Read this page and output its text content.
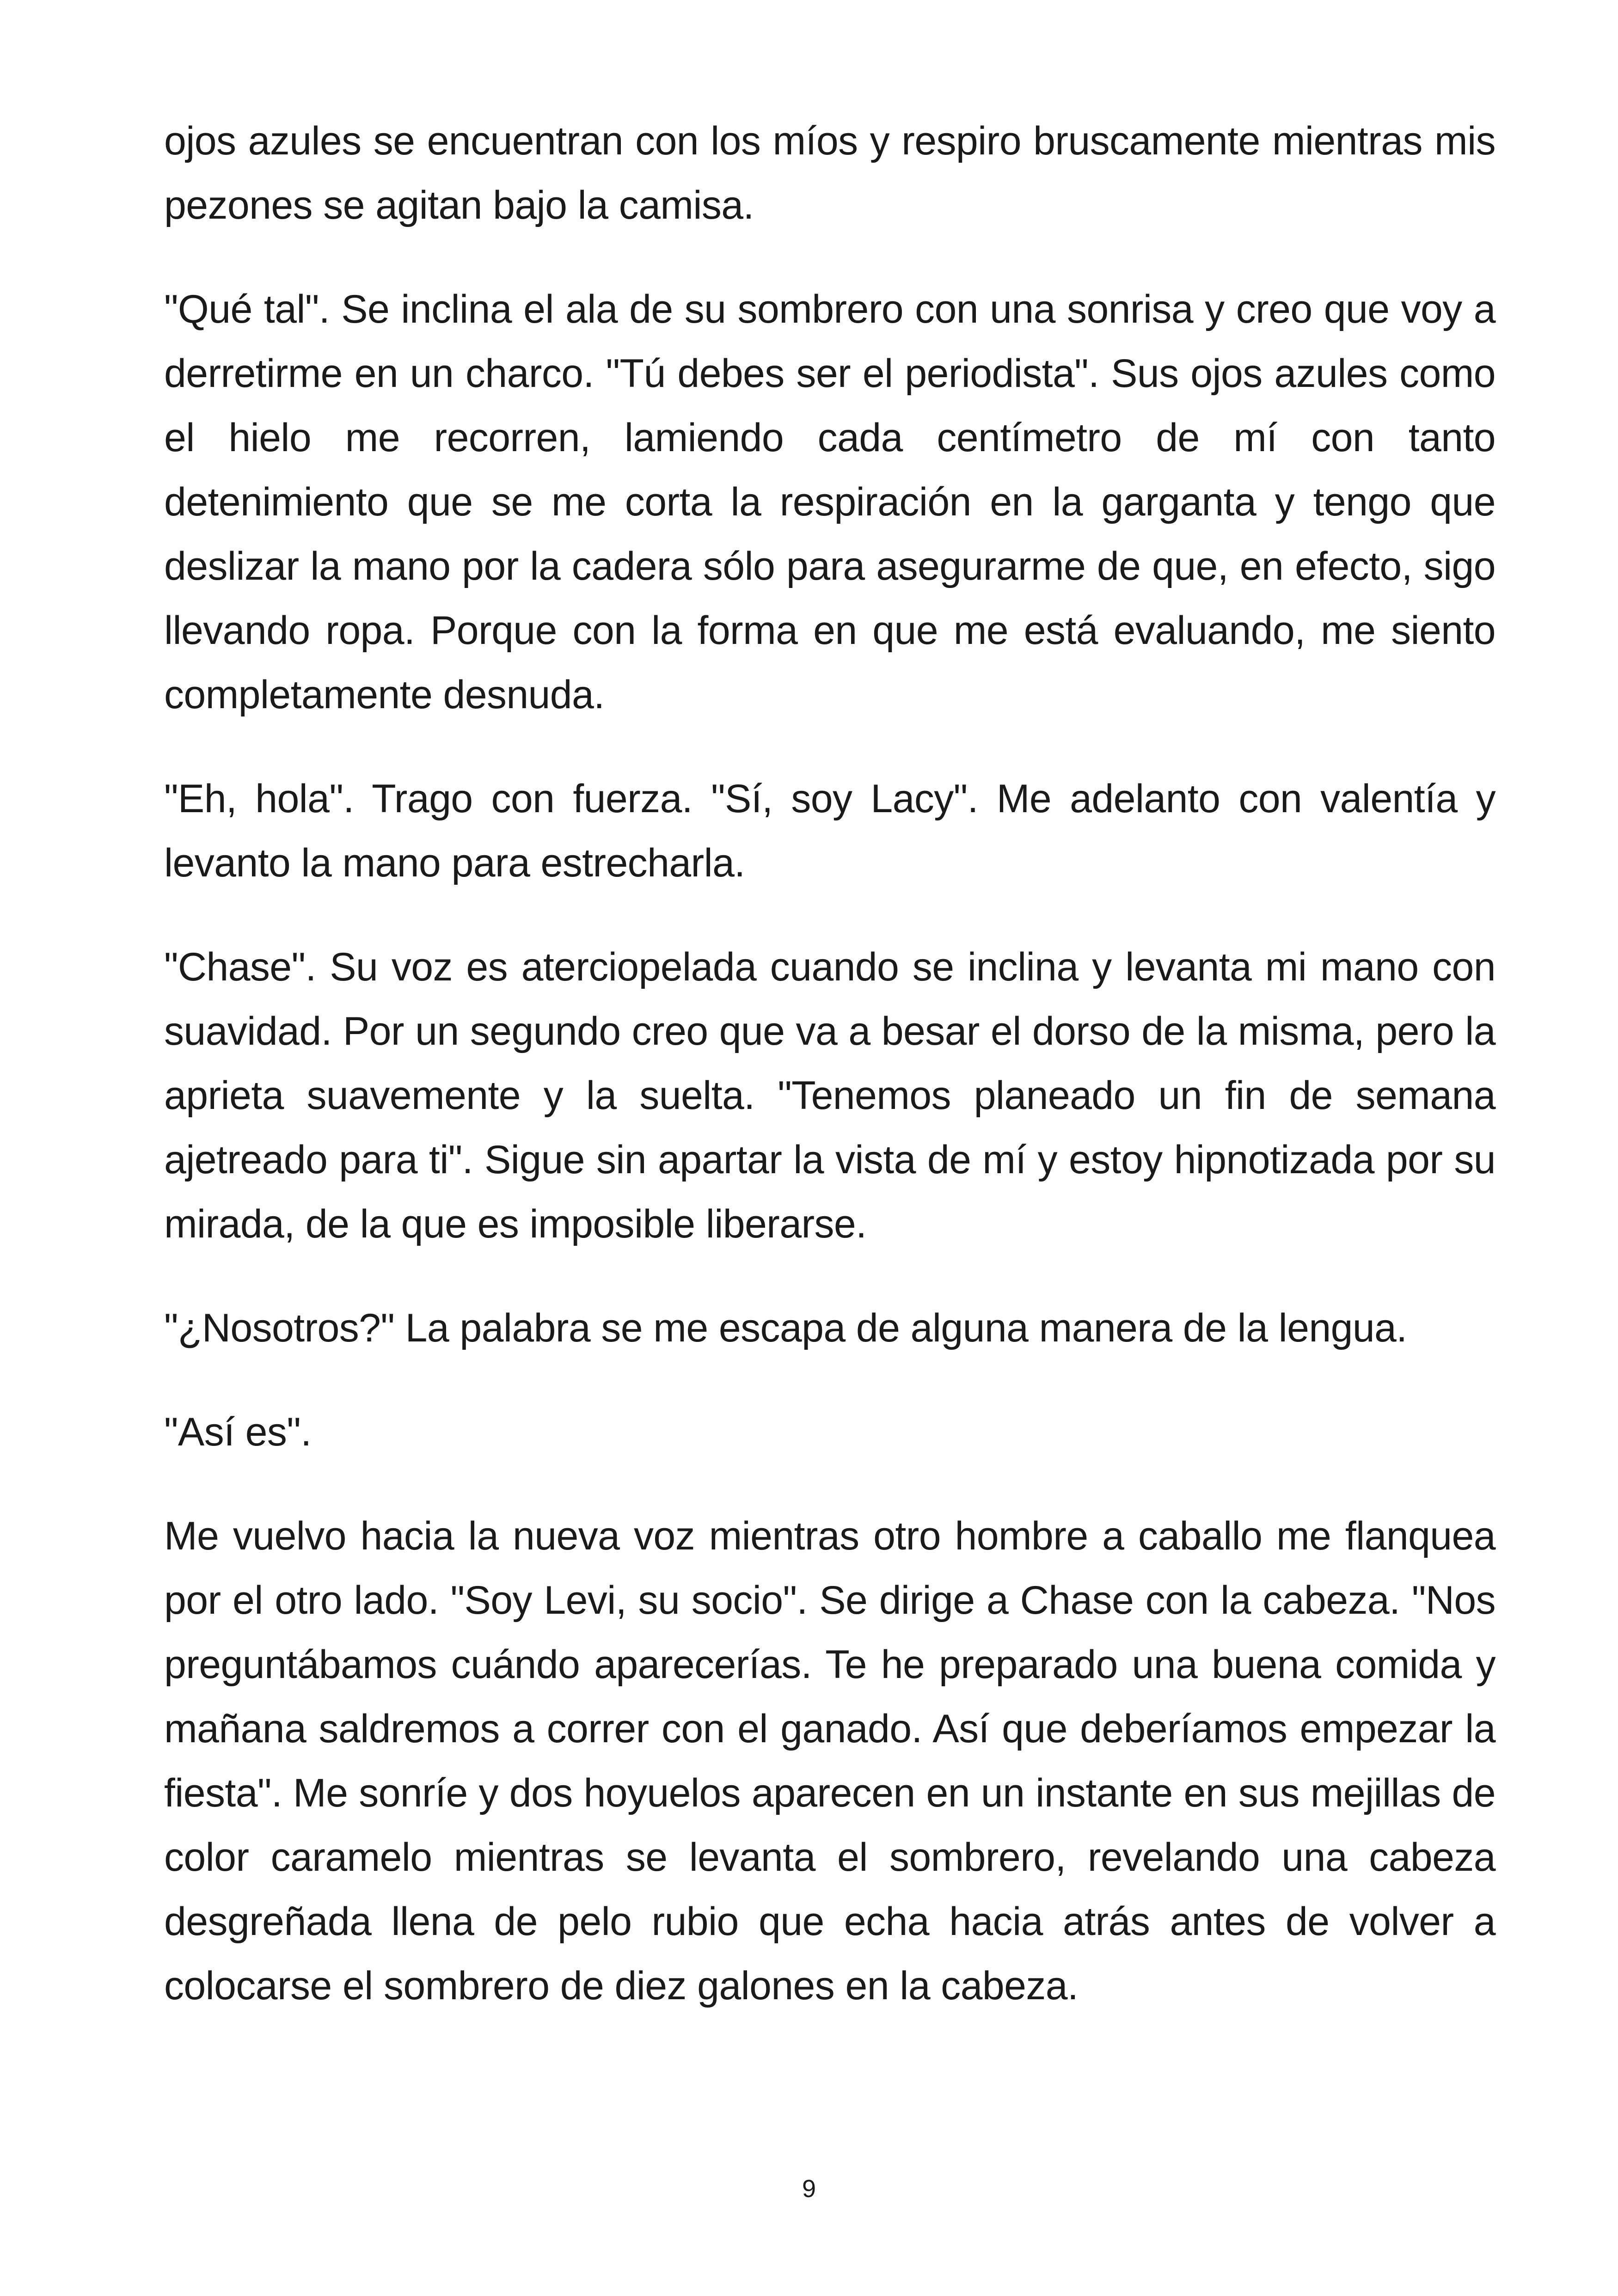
ojos azules se encuentran con los míos y respiro bruscamente mientras mis pezones se agitan bajo la camisa.

"Qué tal". Se inclina el ala de su sombrero con una sonrisa y creo que voy a derretirme en un charco. "Tú debes ser el periodista". Sus ojos azules como el hielo me recorren, lamiendo cada centímetro de mí con tanto detenimiento que se me corta la respiración en la garganta y tengo que deslizar la mano por la cadera sólo para asegurarme de que, en efecto, sigo llevando ropa. Porque con la forma en que me está evaluando, me siento completamente desnuda.

"Eh, hola". Trago con fuerza. "Sí, soy Lacy". Me adelanto con valentía y levanto la mano para estrecharla.

"Chase". Su voz es aterciopelada cuando se inclina y levanta mi mano con suavidad. Por un segundo creo que va a besar el dorso de la misma, pero la aprieta suavemente y la suelta. "Tenemos planeado un fin de semana ajetreado para ti". Sigue sin apartar la vista de mí y estoy hipnotizada por su mirada, de la que es imposible liberarse.

"¿Nosotros?" La palabra se me escapa de alguna manera de la lengua.

"Así es".

Me vuelvo hacia la nueva voz mientras otro hombre a caballo me flanquea por el otro lado. "Soy Levi, su socio". Se dirige a Chase con la cabeza. "Nos preguntábamos cuándo aparecerías. Te he preparado una buena comida y mañana saldremos a correr con el ganado. Así que deberíamos empezar la fiesta". Me sonríe y dos hoyuelos aparecen en un instante en sus mejillas de color caramelo mientras se levanta el sombrero, revelando una cabeza desgreñada llena de pelo rubio que echa hacia atrás antes de volver a colocarse el sombrero de diez galones en la cabeza.

9
